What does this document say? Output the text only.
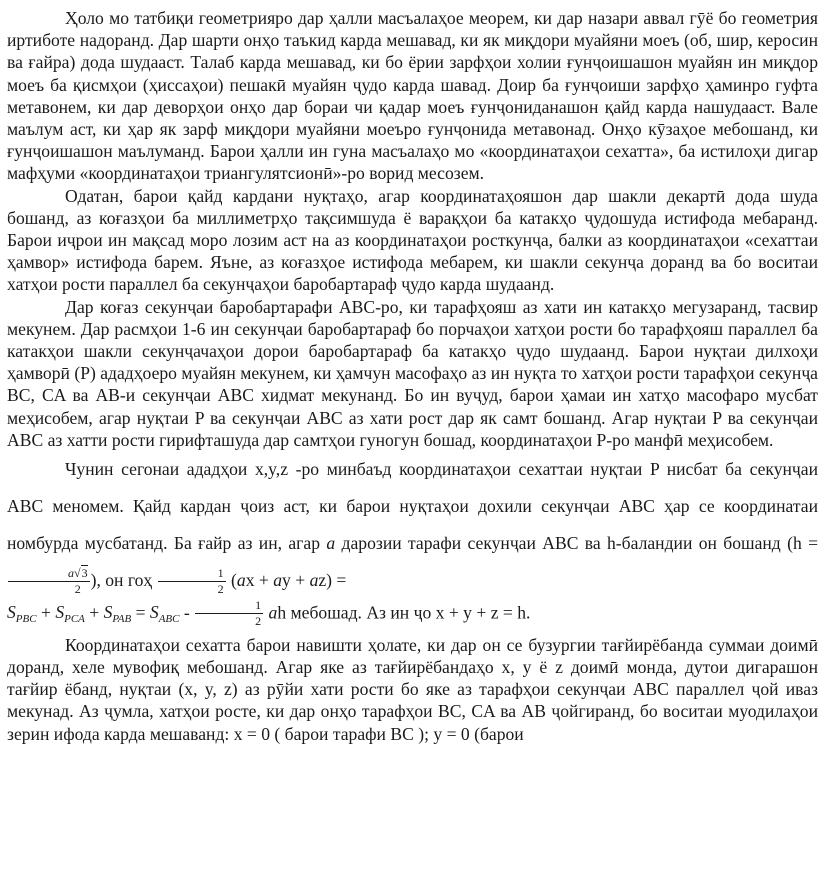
Ҳоло мо татбиқи геометрияро дар ҳалли масъалаҳое меорем, ки дар назари аввал гӯё бо геометрия иртиботе надоранд. Дар шарти онҳо таъкид карда мешавад, ки як миқдори муайяни моеъ (об, шир, керосин ва ғайра) дода шудааст. Талаб карда мешавад, ки бо ёрии зарфҳои холии ғунҷоишашон муайян ин миқдор моеъ ба қисмҳои (ҳиссаҳои) пешакӣ муайян ҷудо карда шавад. Доир ба ғунҷоиши зарфҳо ҳаминро гуфта метавонем, ки дар деворҳои онҳо дар бораи чи қадар моеъ ғунҷониданашон қайд карда нашудааст. Вале маълум аст, ки ҳар як зарф миқдори муайяни моеъро ғунҷонида метавонад. Онҳо кӯзаҳое мебошанд, ки ғунҷоишашон маълуманд. Барои ҳалли ин гуна масъалаҳо мо «координатаҳои сехатта», ба истилоҳи дигар мафҳуми «координатаҳои триангулятсионӣ»-ро ворид месозем.

Одатан, барои қайд кардани нуқтаҳо, агар координатаҳояшон дар шакли декартӣ дода шуда бошанд, аз коғазҳои ба миллиметрҳо тақсимшуда ё варақҳои ба катакҳо ҷудошуда истифода мебаранд. Барои иҷрои ин мақсад моро лозим аст на аз координатаҳои росткунҷа, балки аз координатаҳои «сехаттаи ҳамвор» истифода барем. Яъне, аз коғазҳое истифода мебарем, ки шакли секунҷа доранд ва бо воситаи хатҳои рости параллел ба секунҷаҳои баробартараф ҷудо карда шудаанд.

Дар коғаз секунҷаи баробартарафи ABC-ро, ки тарафҳояш аз хати ин катакҳо мегузаранд, тасвир мекунем. Дар расмҳои 1-6 ин секунҷаи баробартараф бо порчаҳои хатҳои рости бо тарафҳояш параллел ба катакҳои шакли секунҷачаҳои дорои баробартараф ба катакҳо ҷудо шудаанд. Барои нуқтаи дилхоҳи ҳамворӣ (P) ададҳоеро муайян мекунем, ки ҳамчун масофаҳо аз ин нуқта то хатҳои рости тарафҳои секунҷа BC, CA ва AB-и секунҷаи ABC хидмат мекунанд. Бо ин вуҷуд, барои ҳамаи ин хатҳо масофаро мусбат меҳисобем, агар нуқтаи P ва секунҷаи ABC аз хати рост дар як самт бошанд. Агар нуқтаи P ва секунҷаи ABC аз хатти рости гирифташуда дар самтҳои гуногун бошад, координатаҳои P-ро манфӣ меҳисобем.

Чунин сегонаи ададҳои x,y,z -ро минбаъд координатаҳои сехаттаи нуқтаи P нисбат ба секунҷаи ABC меномем. Қайд кардан ҷоиз аст, ки барои нуқтаҳои дохили секунҷаи ABC ҳар се координатаи номбурда мусбатанд. Ба ғайр аз ин, агар a дарозии тарафи секунҷаи ABC ва h-баландии он бошанд (h =
$\frac{a√3}{2}$ ), он гоҳ $\frac{1}{2} (ax$ + ay + az) =
$S_{PBC} + S_{PCA} + S_{PAB} = S_{ABC} - \frac{1}{2}$ ah мебошад. Аз ин ҷо x + y + z = h.

Координатаҳои сехатта барои навишти ҳолате, ки дар он се бузургии тағйирёбанда суммаи доимӣ доранд, хеле мувофиқ мебошанд. Агар яке аз тағйирёбандаҳо x, y ё z доимӣ монда, дутои дигарашон тағйир ёбанд, нуқтаи (x, y, z) аз рӯйи хати рости бо яке аз тарафҳои секунҷаи ABC параллел ҷой иваз мекунад. Аз ҷумла, хатҳои росте, ки дар онҳо тарафҳои BC, CA ва AB ҷойгиранд, бо воситаи муодилаҳои зерин ифода карда мешаванд: x = 0 ( барои тарафи BC ); y = 0 (барои
